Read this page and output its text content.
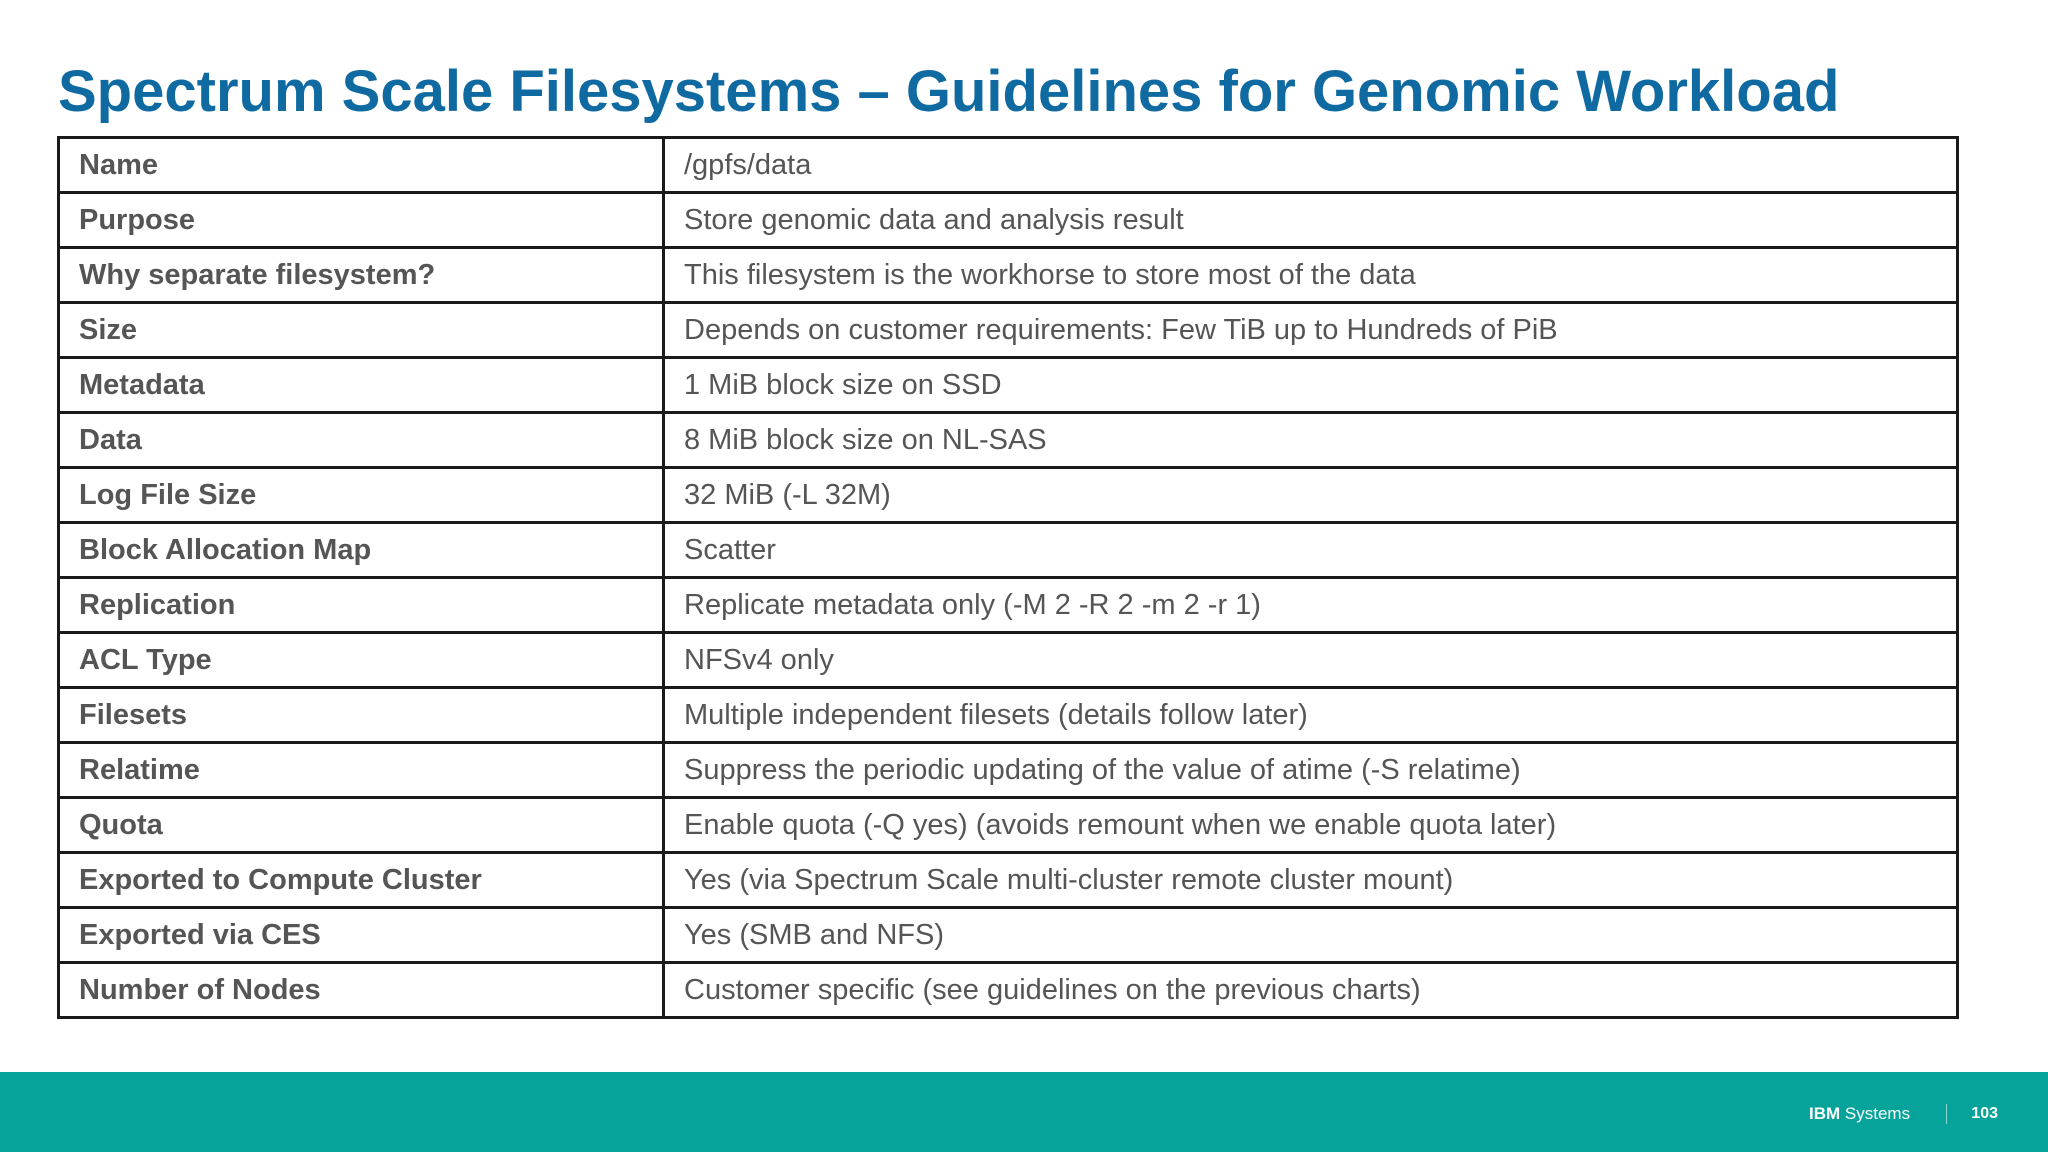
Spectrum Scale Filesystems – Guidelines for Genomic Workload
Name	/gpfs/data
Purpose	Store genomic data and analysis result
Why separate filesystem?	This filesystem is the workhorse to store most of the data
Size	Depends on customer requirements: Few TiB up to Hundreds of PiB
Metadata	1 MiB block size on SSD
Data	8 MiB block size on NL-SAS
Log File Size	32 MiB (-L 32M)
Block Allocation Map	Scatter
Replication	Replicate metadata only (-M 2 -R 2 -m 2 -r 1)
ACL Type	NFSv4 only
Filesets	Multiple independent filesets (details follow later)
Relatime	Suppress the periodic updating of the value of atime (-S relatime)
Quota	Enable quota (-Q yes) (avoids remount when we enable quota later)
Exported to Compute Cluster	Yes (via Spectrum Scale multi-cluster remote cluster mount)
Exported via CES	Yes (SMB and NFS)
Number of Nodes	Customer specific (see guidelines on the previous charts)
IBM Systems	103
